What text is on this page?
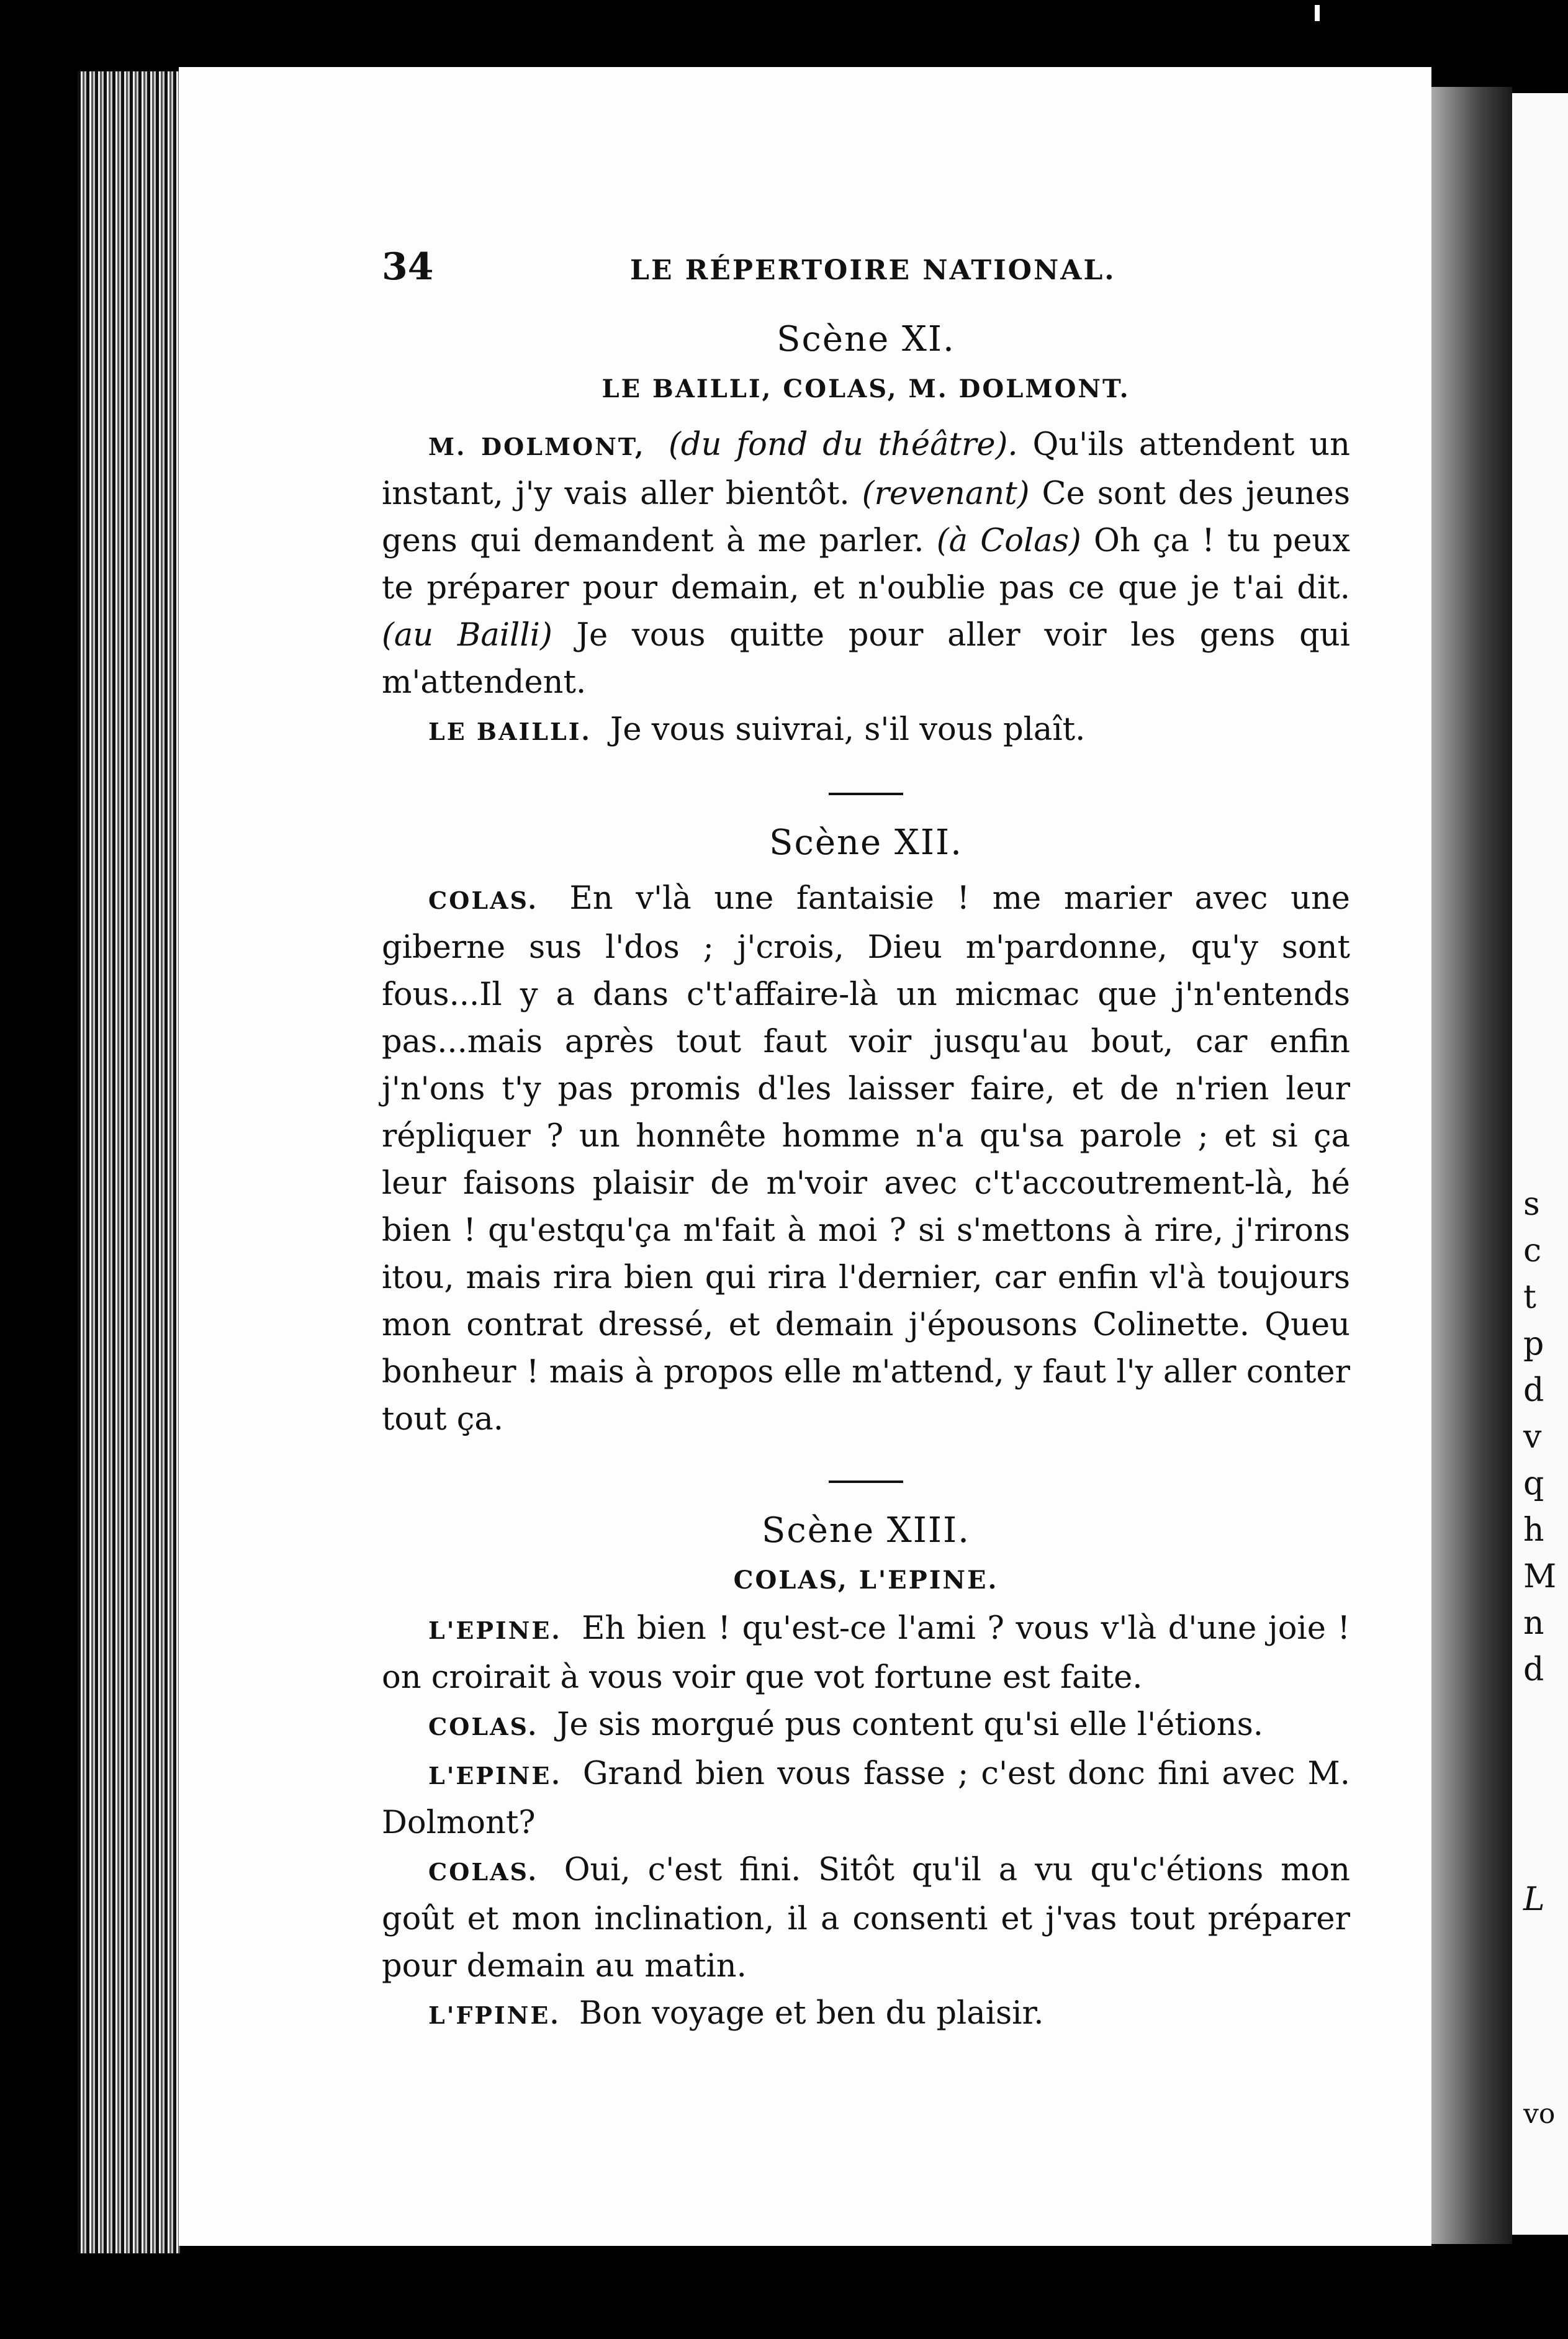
s
c
t
p
d
v
q
h
M
n
d
L
vo
34	LE RÉPERTOIRE NATIONAL.
Scène XI.
LE BAILLI, COLAS, M. DOLMONT.

M. DOLMONT, (du fond du théâtre). Qu'ils attendent un instant, j'y vais aller bientôt. (revenant) Ce sont des jeunes gens qui demandent à me parler. (à Colas) Oh ça ! tu peux te préparer pour demain, et n'oublie pas ce que je t'ai dit. (au Bailli) Je vous quitte pour aller voir les gens qui m'attendent.

LE BAILLI. Je vous suivrai, s'il vous plaît.

Scène XII.

COLAS. En v'là une fantaisie ! me marier avec une giberne sus l'dos ; j'crois, Dieu m'pardonne, qu'y sont fous...Il y a dans c't'affaire-là un micmac que j'n'entends pas...mais après tout faut voir jusqu'au bout, car enfin j'n'ons t'y pas promis d'les laisser faire, et de n'rien leur répliquer ? un honnête homme n'a qu'sa parole ; et si ça leur faisons plaisir de m'voir avec c't'accoutrement-là, hé bien ! qu'estqu'ça m'fait à moi ? si s'mettons à rire, j'rirons itou, mais rira bien qui rira l'dernier, car enfin vl'à toujours mon contrat dressé, et demain j'épousons Colinette. Queu bonheur ! mais à propos elle m'attend, y faut l'y aller conter tout ça.

Scène XIII.
COLAS, L'EPINE.

L'EPINE. Eh bien ! qu'est-ce l'ami ? vous v'là d'une joie ! on croirait à vous voir que vot fortune est faite.

COLAS. Je sis morgué pus content qu'si elle l'étions.

L'EPINE. Grand bien vous fasse ; c'est donc fini avec M. Dolmont?

COLAS. Oui, c'est fini. Sitôt qu'il a vu qu'c'étions mon goût et mon inclination, il a consenti et j'vas tout préparer pour demain au matin.

L'FPINE. Bon voyage et ben du plaisir.
